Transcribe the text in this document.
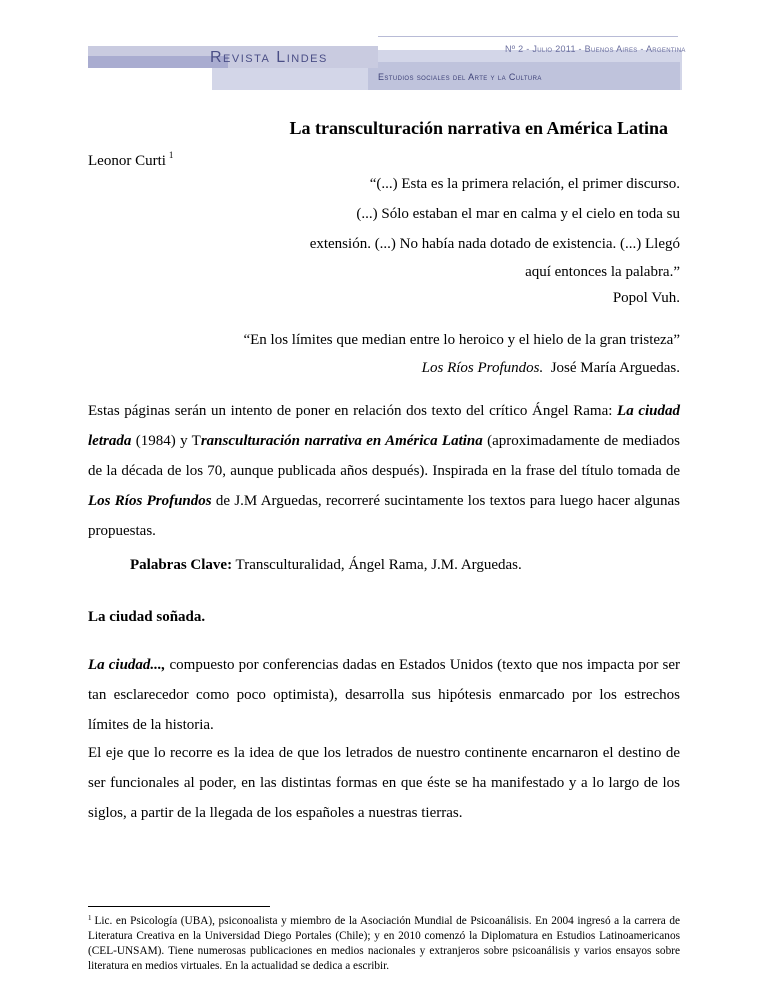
Revista Lindes	Nº 2 - Julio 2011 - Buenos Aires - Argentina
Estudios sociales del Arte y la Cultura
La transculturación narrativa en América Latina
Leonor Curti $^1$
“(...) Esta es la primera relación, el primer discurso.
(...) Sólo estaban el mar en calma y el cielo en toda su
extensión. (...) No había nada dotado de existencia. (...) Llegó
aquí entonces la palabra.”
Popol Vuh.
“En los límites que median entre lo heroico y el hielo de la gran tristeza”
Los Ríos Profundos. José María Arguedas.

Estas páginas serán un intento de poner en relación dos texto del crítico Ángel Rama: La ciudad letrada (1984) y Transculturación narrativa en América Latina (aproximadamente de mediados de la década de los 70, aunque publicada años después). Inspirada en la frase del título tomada de Los Ríos Profundos de J.M Arguedas, recorreré sucintamente los textos para luego hacer algunas propuestas.

Palabras Clave: Transculturalidad, Ángel Rama, J.M. Arguedas.
La ciudad soñada.

La ciudad..., compuesto por conferencias dadas en Estados Unidos (texto que nos impacta por ser tan esclarecedor como poco optimista), desarrolla sus hipótesis enmarcado por los estrechos límites de la historia.

El eje que lo recorre es la idea de que los letrados de nuestro continente encarnaron el destino de ser funcionales al poder, en las distintas formas en que éste se ha manifestado y a lo largo de los siglos, a partir de la llegada de los españoles a nuestras tierras.

$^1$ Lic. en Psicología (UBA), psiconoalista y miembro de la Asociación Mundial de Psicoanálisis. En 2004 ingresó a la carrera de Literatura Creativa en la Universidad Diego Portales (Chile); y en 2010 comenzó la Diplomatura en Estudios Latinoamericanos (CEL-UNSAM). Tiene numerosas publicaciones en medios nacionales y extranjeros sobre psicoanálisis y varios ensayos sobre literatura en medios virtuales. En la actualidad se dedica a escribir.
